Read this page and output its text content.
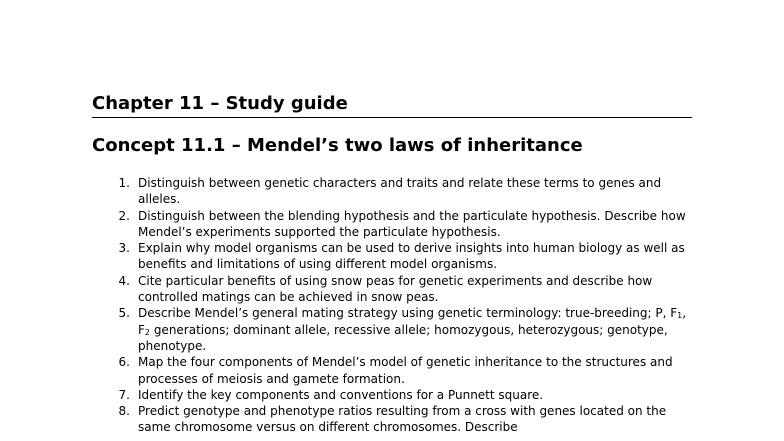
Chapter 11 – Study guide
Concept 11.1 – Mendel’s two laws of inheritance
1. Distinguish between genetic characters and traits and relate these terms to genes and alleles.
2. Distinguish between the blending hypothesis and the particulate hypothesis. Describe how Mendel’s experiments supported the particulate hypothesis.
3. Explain why model organisms can be used to derive insights into human biology as well as benefits and limitations of using different model organisms.
4. Cite particular benefits of using snow peas for genetic experiments and describe how controlled matings can be achieved in snow peas.
5. Describe Mendel’s general mating strategy using genetic terminology: true-breeding; P, $F_1$, $F_2$ generations; dominant allele, recessive allele; homozygous, heterozygous; genotype, phenotype.
6. Map the four components of Mendel’s model of genetic inheritance to the structures and processes of meiosis and gamete formation.
7. Identify the key components and conventions for a Punnett square.
8. Predict genotype and phenotype ratios resulting from a cross with genes located on the same chromosome versus on different chromosomes. Describe
